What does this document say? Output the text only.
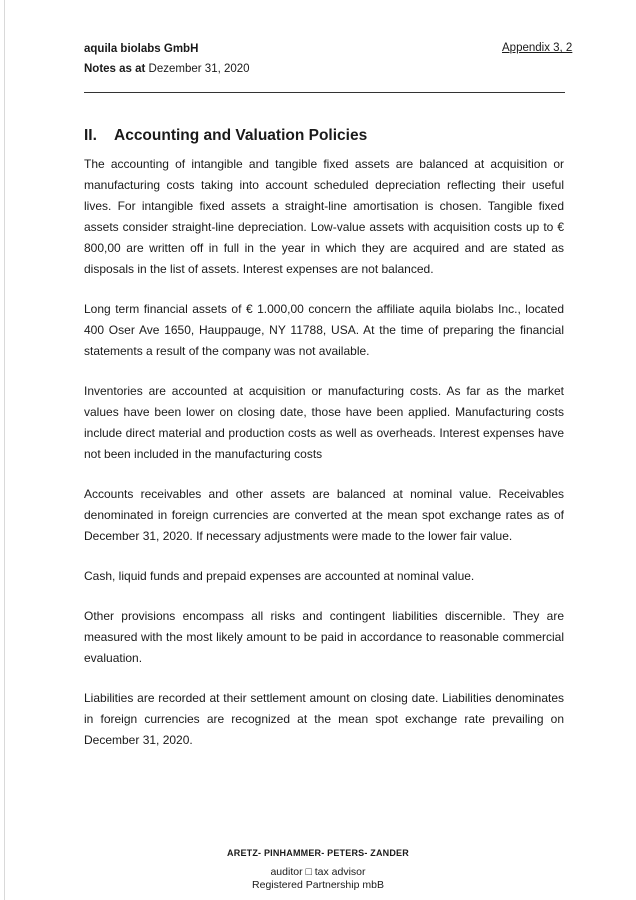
aquila biolabs GmbH
Notes as at Dezember 31, 2020
Appendix 3, 2
II. Accounting and Valuation Policies

The accounting of intangible and tangible fixed assets are balanced at acquisition or manufacturing costs taking into account scheduled depreciation reflecting their useful lives. For intangible fixed assets a straight-line amortisation is chosen. Tangible fixed assets consider straight-line depreciation. Low-value assets with acquisition costs up to € 800,00 are written off in full in the year in which they are acquired and are stated as disposals in the list of assets. Interest expenses are not balanced.

Long term financial assets of € 1.000,00 concern the affiliate aquila biolabs Inc., located 400 Oser Ave 1650, Hauppauge, NY 11788, USA. At the time of preparing the financial statements a result of the company was not available.

Inventories are accounted at acquisition or manufacturing costs. As far as the market values have been lower on closing date, those have been applied. Manufacturing costs include direct material and production costs as well as overheads. Interest expenses have not been included in the manufacturing costs

Accounts receivables and other assets are balanced at nominal value. Receivables denominated in foreign currencies are converted at the mean spot exchange rates as of December 31, 2020. If necessary adjustments were made to the lower fair value.

Cash, liquid funds and prepaid expenses are accounted at nominal value.

Other provisions encompass all risks and contingent liabilities discernible. They are measured with the most likely amount to be paid in accordance to reasonable commercial evaluation.

Liabilities are recorded at their settlement amount on closing date. Liabilities denominates in foreign currencies are recognized at the mean spot exchange rate prevailing on December 31, 2020.

ARETZ- PINHAMMER- PETERS- ZANDER
auditor □ tax advisor
Registered Partnership mbB
